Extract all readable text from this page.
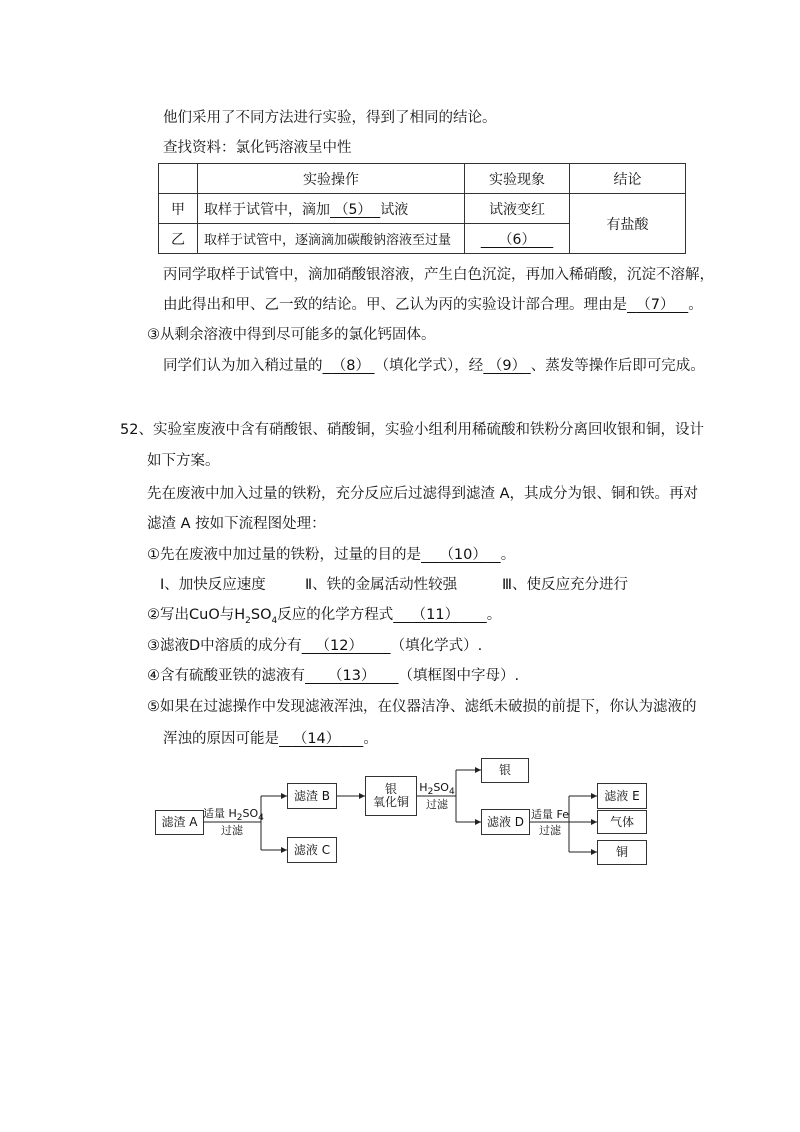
他们采用了不同方法进行实验，得到了相同的结论。
查找资料：氯化钙溶液呈中性
	实验操作	实验现象	结论
甲	取样于试管中，滴加 （5） 试液	试液变红	有盐酸
乙	取样于试管中，逐滴滴加碳酸钠溶液至过量	（6）	
丙同学取样于试管中，滴加硝酸银溶液，产生白色沉淀，再加入稀硝酸，沉淀不溶解，
由此得出和甲、乙一致的结论。甲、乙认为丙的实验设计部合理。理由是 （7） 。
③从剩余溶液中得到尽可能多的氯化钙固体。
同学们认为加入稍过量的 （8） （填化学式），经 （9） 、蒸发等操作后即可完成。
52、实验室废液中含有硝酸银、硝酸铜，实验小组利用稀硫酸和铁粉分离回收银和铜，设计
如下方案。
先在废液中加入过量的铁粉，充分反应后过滤得到滤渣 A，其成分为银、铜和铁。再对
滤渣 A 按如下流程图处理：
①先在废液中加过量的铁粉，过量的目的是 （10） 。
Ⅰ、加快反应速度	Ⅱ、铁的金属活动性较强	Ⅲ、使反应充分进行
②写出CuO与$H_2SO_4$反应的化学方程式 （11） 。
③滤液D中溶质的成分有 （12） （填化学式）.
④含有硫酸亚铁的滤液有 （13） （填框图中字母）.
⑤如果在过滤操作中发现滤液浑浊，在仪器洁净、滤纸未破损的前提下，你认为滤液的
浑浊的原因可能是 （14） 。
滤渣 A
滤渣 B
滤液 C
银
氧化铜
银
滤液 D
滤液 E
气体
铜
适量 $H_2SO_4$
过滤
$H_2SO_4$
过滤
适量 Fe
过滤
